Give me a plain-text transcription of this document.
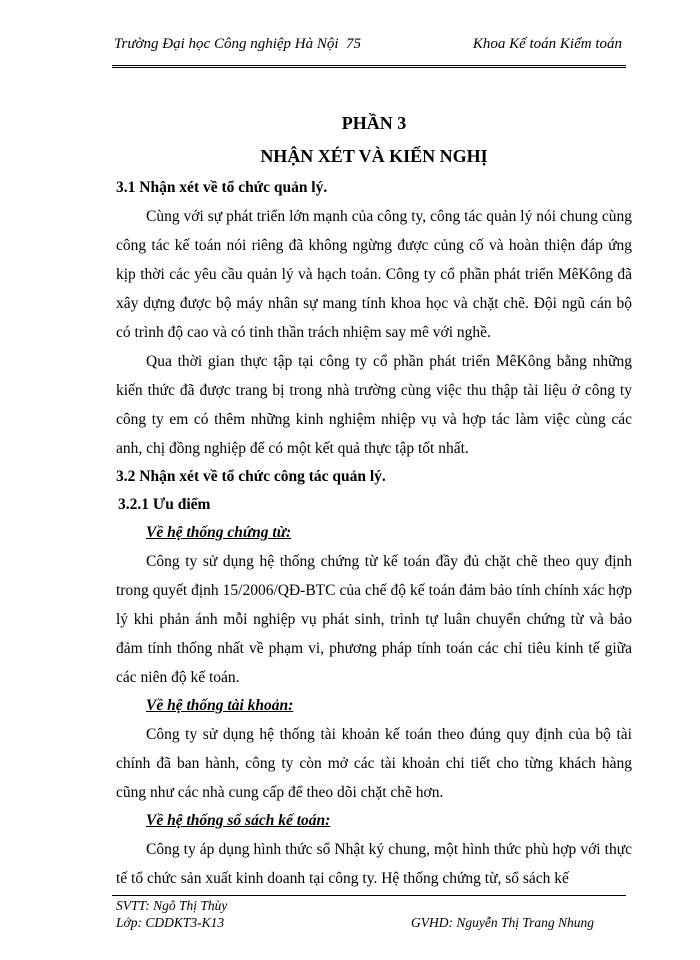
Trường Đại học Công nghiệp Hà Nội 75	Khoa Kế toán Kiểm toán

PHẦN 3

NHẬN XÉT VÀ KIẾN NGHỊ

3.1 Nhận xét về tổ chức quản lý.

Cùng với sự phát triển lớn mạnh của công ty, công tác quản lý nói chung cùng công tác kế toán nói riêng đã không ngừng được củng cố và hoàn thiện đáp ứng kịp thời các yêu cầu quản lý và hạch toán. Công ty cổ phần phát triển MêKông đã xây dựng được bộ máy nhân sự mang tính khoa học và chặt chẽ. Đội ngũ cán bộ có trình độ cao và có tinh thần trách nhiệm say mê với nghề.

Qua thời gian thực tập tại công ty cổ phần phát triển MêKông bằng những kiến thức đã được trang bị trong nhà trường cùng việc thu thập tài liệu ở công ty công ty em có thêm những kinh nghiệm nhiệp vụ và hợp tác làm việc cùng các anh, chị đồng nghiệp để có một kết quả thực tập tốt nhất.

3.2 Nhận xét về tổ chức công tác quản lý.

3.2.1 Ưu điểm

Về hệ thống chứng từ:

Công ty sử dụng hệ thống chứng từ kế toán đầy đủ chặt chẽ theo quy định trong quyết định 15/2006/QĐ-BTC của chế độ kế toán đảm bảo tính chính xác hợp lý khi phản ánh mỗi nghiệp vụ phát sinh, trình tự luân chuyển chứng từ và bảo đảm tính thống nhất về phạm vi, phương pháp tính toán các chỉ tiêu kinh tế giữa các niên độ kế toán.

Về hệ thống tài khoản:

Công ty sử dụng hệ thống tài khoản kế toán theo đúng quy định của bộ tài chính đã ban hành, công ty còn mở các tài khoản chi tiết cho từng khách hàng cũng như các nhà cung cấp để theo dõi chặt chẽ hơn.

Về hệ thống sổ sách kế toán:

Công ty áp dụng hình thức sổ Nhật ký chung, một hình thức phù hợp với thực tế tổ chức sản xuất kinh doanh tại công ty. Hệ thống chứng từ, sổ sách kế

SVTT: Ngô Thị Thùy
Lớp: CDDKT3-K13	GVHD: Nguyễn Thị Trang Nhung
